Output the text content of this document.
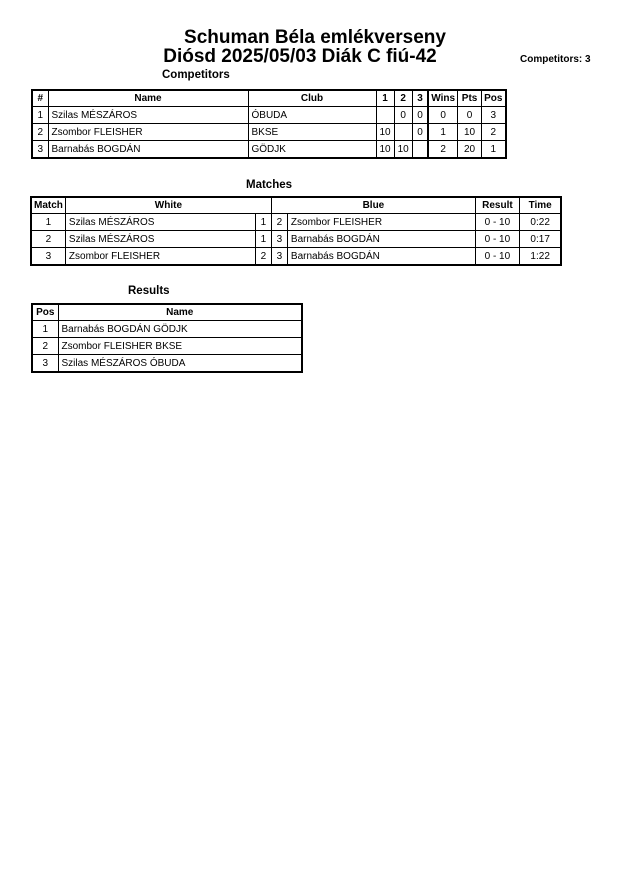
Schuman Béla emlékverseny
Diósd 2025/05/03 Diák C fiú-42	Competitors: 3
Competitors
#	Name	Club	1	2	3	Wins	Pts	Pos
1	Szilas MÉSZÁROS	ÓBUDA		0	0	0	0	3
2	Zsombor FLEISHER	BKSE	10		0	1	10	2
3	Barnabás BOGDÁN	GÖDJK	10	10		2	20	1
Matches
Match	White		Blue		Result	Time
1	Szilas MÉSZÁROS	1	2	Zsombor FLEISHER	0 - 10	0:22
2	Szilas MÉSZÁROS	1	3	Barnabás BOGDÁN	0 - 10	0:17
3	Zsombor FLEISHER	2	3	Barnabás BOGDÁN	0 - 10	1:22
Results
Pos	Name
1	Barnabás BOGDÁN GÖDJK
2	Zsombor FLEISHER BKSE
3	Szilas MÉSZÁROS ÓBUDA
